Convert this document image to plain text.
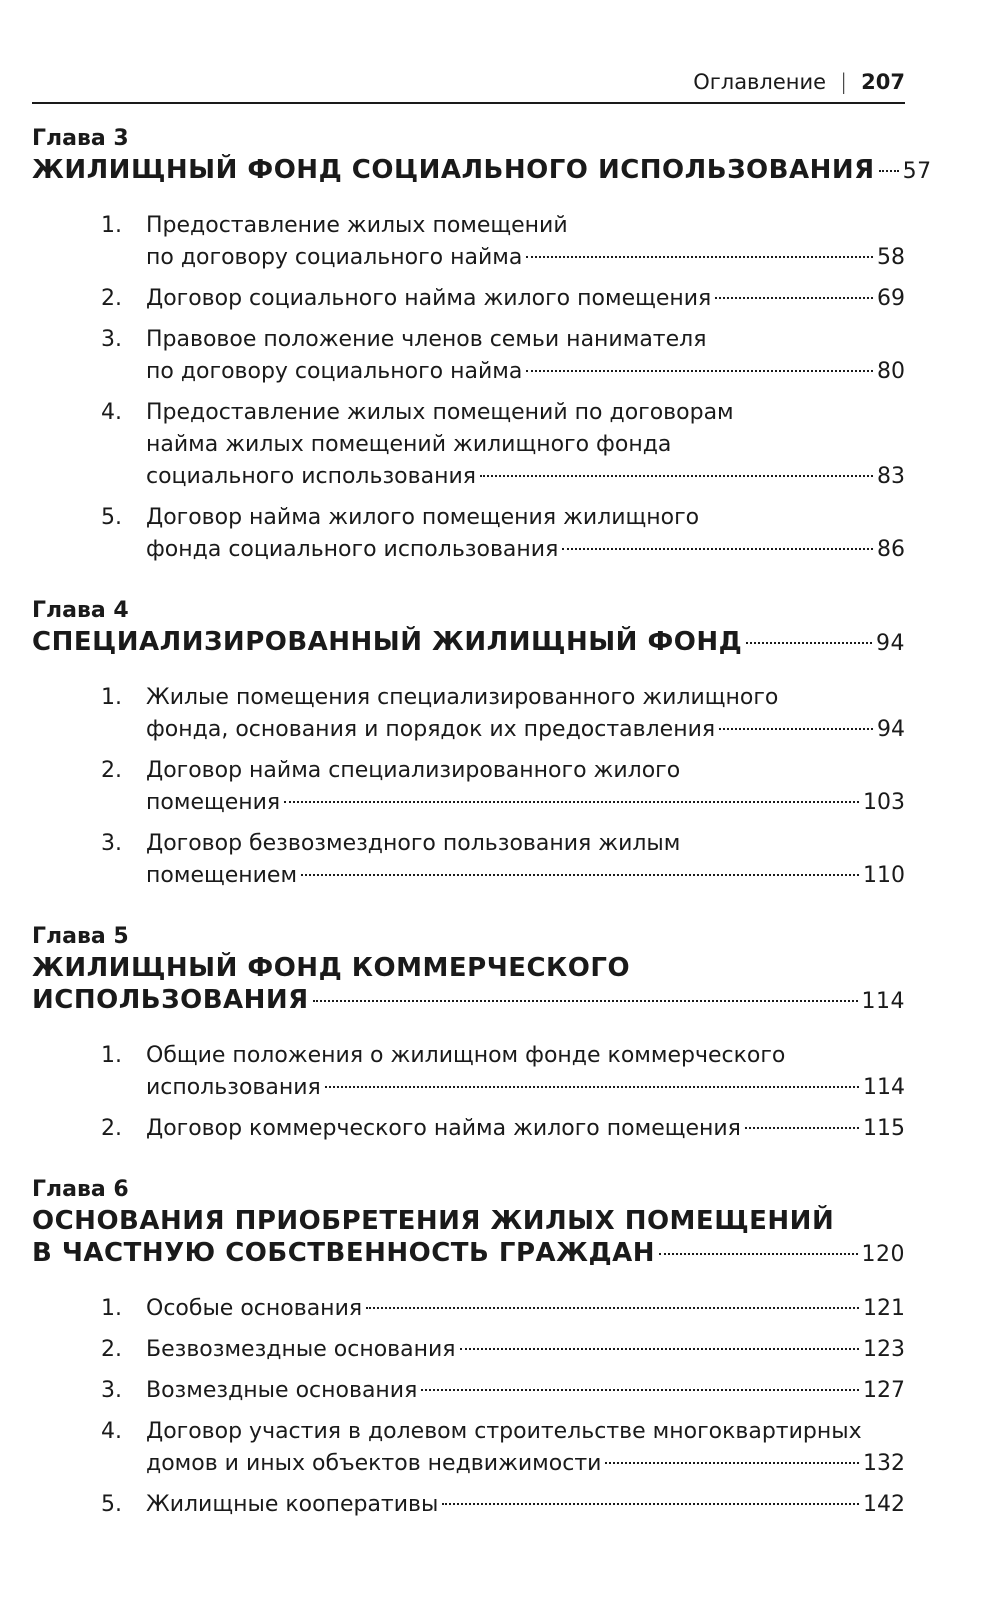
Оглавление | 207
Глава 3
ЖИЛИЩНЫЙ ФОНД СОЦИАЛЬНОГО ИСПОЛЬЗОВАНИЯ 57
1.	Предоставление жилых помещений
по договору социального найма	58
2.	Договор социального найма жилого помещения	69
3.	Правовое положение членов семьи нанимателя
по договору социального найма	80
4.	Предоставление жилых помещений по договорам
найма жилых помещений жилищного фонда
социального использования	83
5.	Договор найма жилого помещения жилищного
фонда социального использования	86
Глава 4
СПЕЦИАЛИЗИРОВАННЫЙ ЖИЛИЩНЫЙ ФОНД	94
1.	Жилые помещения специализированного жилищного
фонда, основания и порядок их предоставления	94
2.	Договор найма специализированного жилого
помещения	103
3.	Договор безвозмездного пользования жилым
помещением	110
Глава 5
ЖИЛИЩНЫЙ ФОНД КОММЕРЧЕСКОГО
ИСПОЛЬЗОВАНИЯ	114
1.	Общие положения о жилищном фонде коммерческого
использования	114
2.	Договор коммерческого найма жилого помещения	115
Глава 6
ОСНОВАНИЯ ПРИОБРЕТЕНИЯ ЖИЛЫХ ПОМЕЩЕНИЙ
В ЧАСТНУЮ СОБСТВЕННОСТЬ ГРАЖДАН	120
1.	Особые основания	121
2.	Безвозмездные основания	123
3.	Возмездные основания	127
4.	Договор участия в долевом строительстве многоквартирных
домов и иных объектов недвижимости	132
5.	Жилищные кооперативы	142
